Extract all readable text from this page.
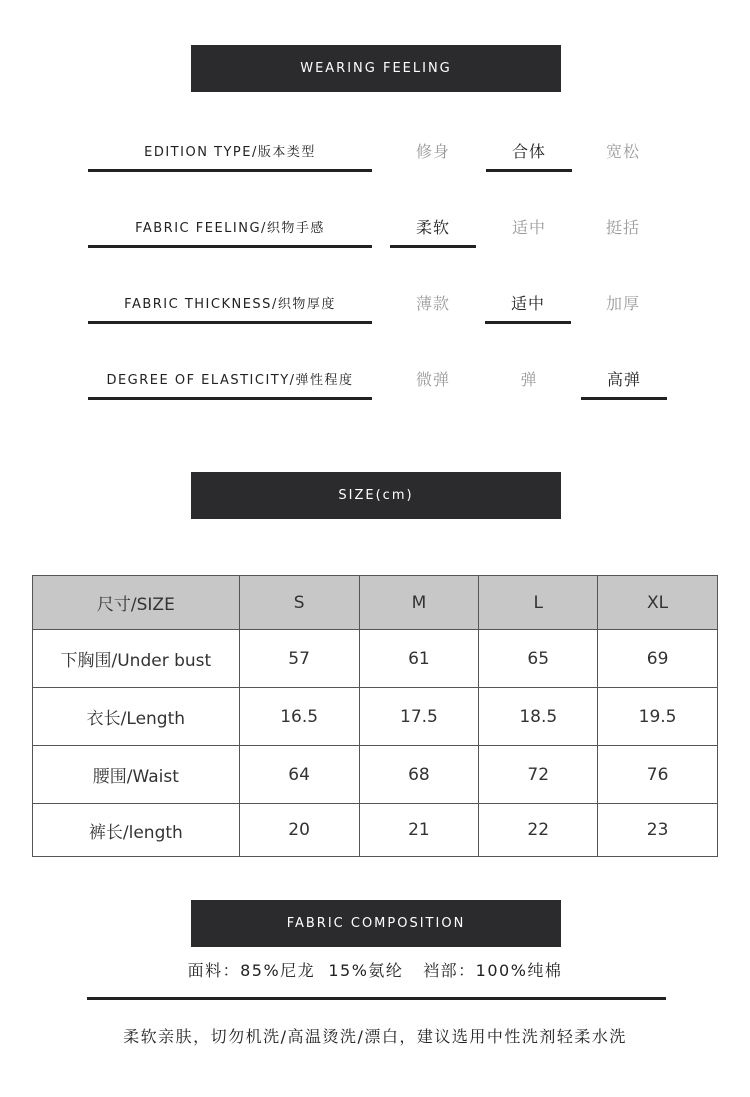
WEARING FEELING
EDITION TYPE/版本类型	修身	合体	宽松
FABRIC FEELING/织物手感	柔软	适中	挺括
FABRIC THICKNESS/织物厚度	薄款	适中	加厚
DEGREE OF ELASTICITY/弹性程度	微弹	弹	高弹
SIZE(cm)
尺寸/SIZE	S	M	L	XL
下胸围/Under bust	57	61	65	69
衣长/Length	16.5	17.5	18.5	19.5
腰围/Waist	64	68	72	76
裤长/length	20	21	22	23
FABRIC COMPOSITION
面料：85%尼龙  15%氨纶   裆部：100%纯棉
柔软亲肤，切勿机洗/高温烫洗/漂白，建议选用中性洗剂轻柔水洗
